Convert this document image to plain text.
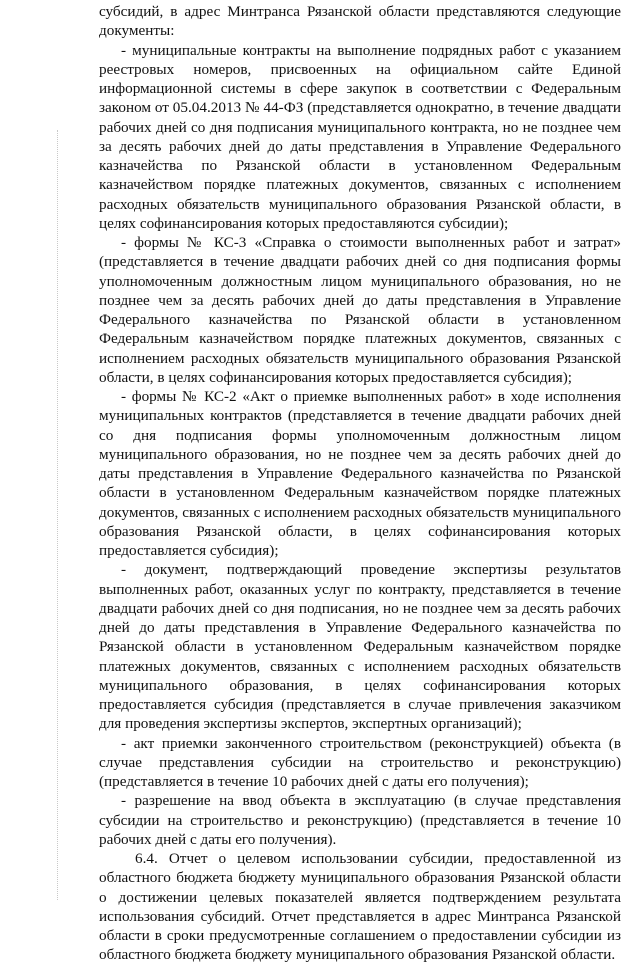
субсидий, в адрес Минтранса Рязанской области представляются следующие документы:

- муниципальные контракты на выполнение подрядных работ с указанием реестровых номеров, присвоенных на официальном сайте Единой информационной системы в сфере закупок в соответствии с Федеральным законом от 05.04.2013 № 44-ФЗ (представляется однократно, в течение двадцати рабочих дней со дня подписания муниципального контракта, но не позднее чем за десять рабочих дней до даты представления в Управление Федерального казначейства по Рязанской области в установленном Федеральным казначейством порядке платежных документов, связанных с исполнением расходных обязательств муниципального образования Рязанской области, в целях софинансирования которых предоставляются субсидии);

- формы № КС-3 «Справка о стоимости выполненных работ и затрат» (представляется в течение двадцати рабочих дней со дня подписания формы уполномоченным должностным лицом муниципального образования, но не позднее чем за десять рабочих дней до даты представления в Управление Федерального казначейства по Рязанской области в установленном Федеральным казначейством порядке платежных документов, связанных с исполнением расходных обязательств муниципального образования Рязанской области, в целях софинансирования которых предоставляется субсидия);

- формы № КС-2 «Акт о приемке выполненных работ» в ходе исполнения муниципальных контрактов (представляется в течение двадцати рабочих дней со дня подписания формы уполномоченным должностным лицом муниципального образования, но не позднее чем за десять рабочих дней до даты представления в Управление Федерального казначейства по Рязанской области в установленном Федеральным казначейством порядке платежных документов, связанных с исполнением расходных обязательств муниципального образования Рязанской области, в целях софинансирования которых предоставляется субсидия);

- документ, подтверждающий проведение экспертизы результатов выполненных работ, оказанных услуг по контракту, представляется в течение двадцати рабочих дней со дня подписания, но не позднее чем за десять рабочих дней до даты представления в Управление Федерального казначейства по Рязанской области в установленном Федеральным казначейством порядке платежных документов, связанных с исполнением расходных обязательств муниципального образования, в целях софинансирования которых предоставляется субсидия (представляется в случае привлечения заказчиком для проведения экспертизы экспертов, экспертных организаций);

- акт приемки законченного строительством (реконструкцией) объекта (в случае представления субсидии на строительство и реконструкцию) (представляется в течение 10 рабочих дней с даты его получения);

- разрешение на ввод объекта в эксплуатацию (в случае представления субсидии на строительство и реконструкцию) (представляется в течение 10 рабочих дней с даты его получения).

6.4. Отчет о целевом использовании субсидии, предоставленной из областного бюджета бюджету муниципального образования Рязанской области о достижении целевых показателей является подтверждением результата использования субсидий. Отчет представляется в адрес Минтранса Рязанской области в сроки предусмотренные соглашением о предоставлении субсидии из областного бюджета бюджету муниципального образования Рязанской области.
